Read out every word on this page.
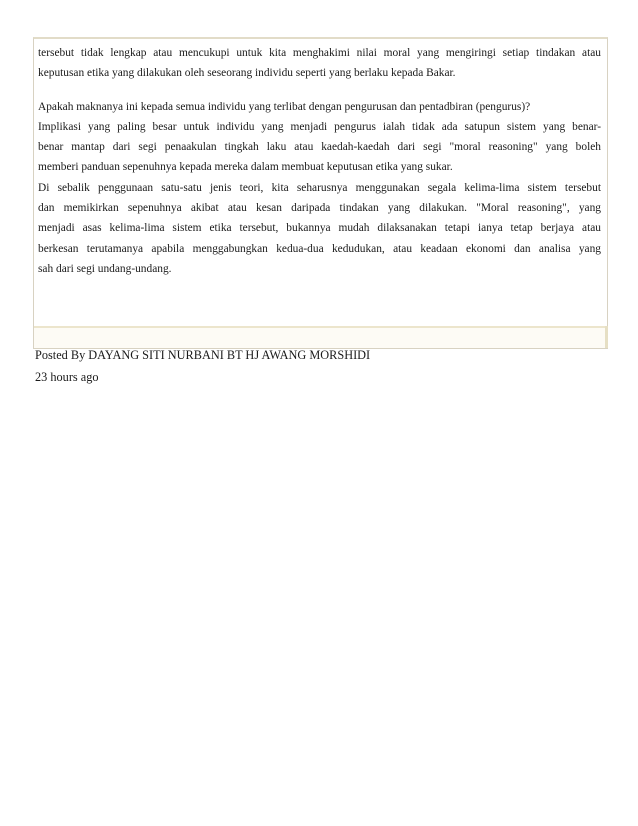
tersebut tidak lengkap atau mencukupi untuk kita menghakimi nilai moral yang mengiringi setiap tindakan atau
keputusan etika yang dilakukan oleh seseorang individu seperti yang berlaku kepada Bakar.
Apakah maknanya ini kepada semua individu yang terlibat dengan pengurusan dan pentadbiran (pengurus)?
Implikasi yang paling besar untuk individu yang menjadi pengurus ialah tidak ada satupun sistem yang benar-
benar mantap dari segi penaakulan tingkah laku atau kaedah-kaedah dari segi "moral reasoning" yang boleh
memberi panduan sepenuhnya kepada mereka dalam membuat keputusan etika yang sukar.
Di sebalik penggunaan satu-satu jenis teori, kita seharusnya menggunakan segala kelima-lima sistem tersebut
dan memikirkan sepenuhnya akibat atau kesan daripada tindakan yang dilakukan. "Moral reasoning", yang
menjadi asas kelima-lima sistem etika tersebut, bukannya mudah dilaksanakan tetapi ianya tetap berjaya atau
berkesan terutamanya apabila menggabungkan kedua-dua kedudukan, atau keadaan ekonomi dan analisa yang
sah dari segi undang-undang.
Posted By DAYANG SITI NURBANI BT HJ AWANG MORSHIDI
23 hours ago
